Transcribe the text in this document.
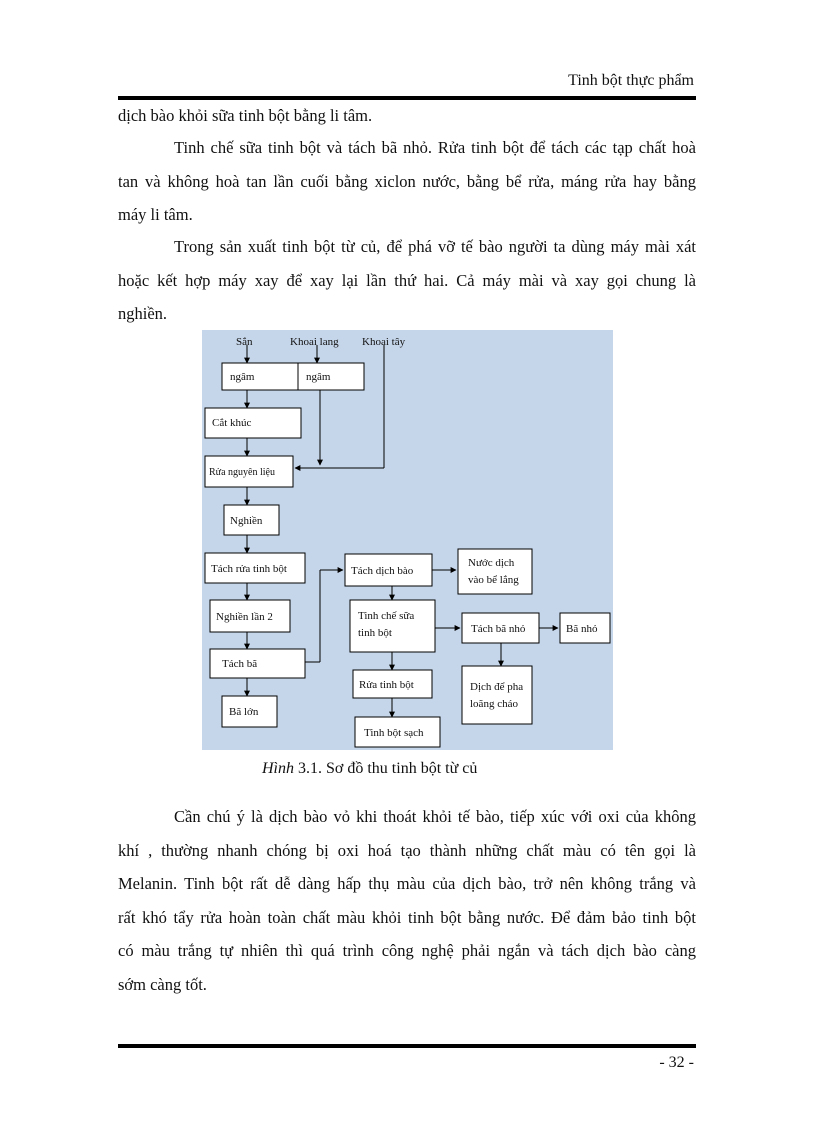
Tinh bột thực phẩm
dịch bào khỏi sữa tinh bột bằng li tâm.
Tinh chế sữa tinh bột và tách bã nhỏ. Rửa tinh bột để tách các tạp chất hoà
tan và không hoà tan lần cuối bằng xiclon nước, bằng bể rửa, máng rửa hay bằng
máy li tâm.
Trong sản xuất tinh bột từ củ, để phá vỡ tế bào người ta dùng máy mài xát
hoặc kết hợp máy xay để xay lại lần thứ hai. Cả máy mài và xay gọi chung là
nghiền.
Sắn	Khoai lang Khoai tây
ngâm	ngâm
Cắt khúc
Rửa nguyên liệu
Nghiền
Tách rửa tinh bột
Nghiền lần 2
Tách bã
Bã lớn
Tách dịch bào
Nước dịch
vào bể lắng
Tinh chế sữa
tinh bột	Tách bã nhỏ	Bã nhỏ
Rửa tinh bột	Dịch để pha
loãng cháo
Tinh bột sạch
Hình 3.1. Sơ đồ thu tinh bột từ củ
Cần chú ý là dịch bào vỏ khi thoát khỏi tế bào, tiếp xúc với oxi của không
khí , thường nhanh chóng bị oxi hoá tạo thành những chất màu có tên gọi là
Melanin. Tinh bột rất dễ dàng hấp thụ màu của dịch bào, trở nên không trắng và
rất khó tẩy rửa hoàn toàn chất màu khỏi tinh bột bằng nước. Để đảm bảo tinh bột
có màu trắng tự nhiên thì quá trình công nghệ phải ngắn và tách dịch bào càng
sớm càng tốt.
- 32 -
